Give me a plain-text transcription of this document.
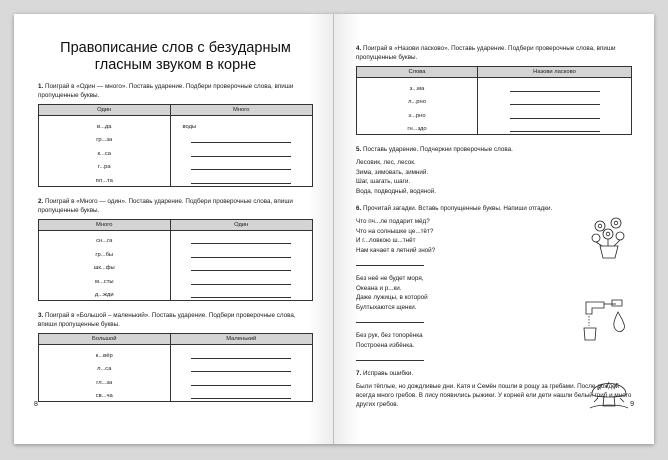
Правописание слов с безударным
гласным звуком в корне
1. Поиграй в «Один — много». Поставь ударение. Подбери проверочные слова, впиши пропущенные буквы.
Один	Много
в...да	воды

гр...за	

к...са	

г...ра	

пл...та	
2. Поиграй в «Много — один». Поставь ударение. Подбери проверочные слова, впиши пропущенные буквы.
Много	Один
сн...га	

гр...бы	

шк...фы	

м...сты	

д...жди	
3. Поиграй в «Большой – маленький». Поставь ударение. Подбери проверочные слова, впиши пропущенные буквы.
Большой	Маленький
к...вёр	

л...са	

гл...за	

св...ча	
8
4. Поиграй в «Назови ласково». Поставь ударение. Подбери проверочные слова, впиши пропущенные буквы.
Слова	Назови ласково
з...ма	

л...рно	

з...рно	

гн...здо	
5. Поставь ударение. Подчеркни проверочные слова.
Лесовик, лес, лесок.
Зима, зимовать, зимний.
Шаг, шагать, шаги.
Вода, подводный, водяной.
6. Прочитай загадки. Вставь пропущенные буквы. Напиши отгадки.
Что пч...ле подарит мёд?
Что на солнышке це...тёт?
И г...ловкою ш...тнёт
Нам качает в летний зной?
Без неё не будет моря,
Океана и р...ки.
Даже лужицы, в которой
Бултыхаются щенки.
Без рук, без топорёнка
Построена избёнка.
7. Исправь ошибки.
Были тёплые, но дождливые дни. Катя и Семён пошли в рощу за гребами. После дождей всегда много гребов. В лису появились рыжики. У корней ели дети нашли белый гриб и много других гребов.	9
